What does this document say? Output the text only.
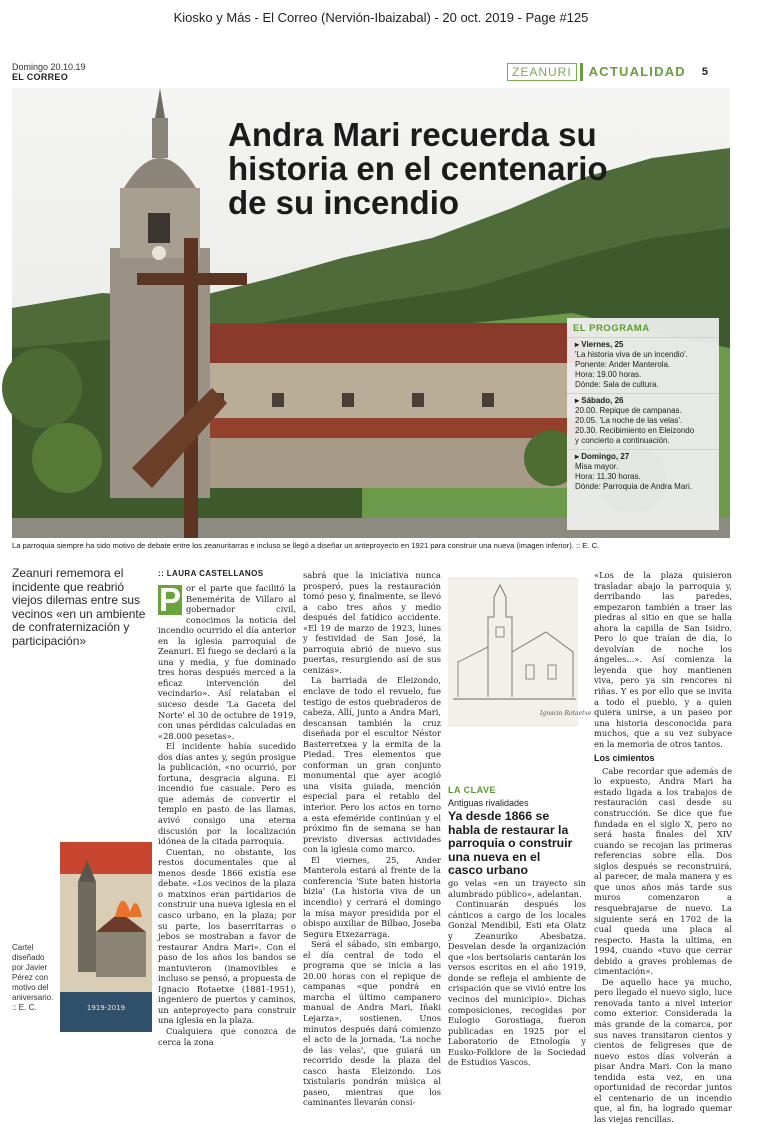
Kiosko y Más - El Correo (Nervión-Ibaizabal) - 20 oct. 2019 - Page #125
Domingo 20.10.19
EL CORREO	ZEANURI	ACTUALIDAD	5
Andra Mari recuerda su historia en el centenario de su incendio
EL PROGRAMA
▸ Viernes, 25
'La historia viva de un incendio'.
Ponente: Ander Manterola.
Hora: 19.00 horas.
Dónde: Sala de cultura.
▸ Sábado, 26
20.00. Repique de campanas.
20.05. 'La noche de las velas'.
20.30. Recibimiento en Eleizondo
y concierto a continuación.
▸ Domingo, 27
Misa mayor.
Hora: 11.30 horas.
Dónde: Parroquia de Andra Mari.
La parroquia siempre ha sido motivo de debate entre los zeanuritarras e incluso se llegó a diseñar un anteproyecto en 1921 para construir una nueva (imagen inferior). :: E. C.
Zeanuri rememora el incidente que reabrió viejos dilemas entre sus vecinos «en un ambiente de confraternización y participación»
1919-2019
Cartel diseñado por Javier Pérez con motivo del aniversario. :: E. C.
:: LAURA CASTELLANOS

P or el parte que facilitó la Benemérita de Villaro al gobernador civil, conocimos la noticia del incendio ocurrido el día anterior en la iglesia parroquial de Zeanuri. El fuego se declaró a la una y media, y fue dominado tres horas después merced a la eficaz intervención del vecindario». Así relataban el suceso desde 'La Gaceta del Norte' el 30 de octubre de 1919, con unas pérdidas calculadas en «28.000 pesetas».

El incidente había sucedido dos días antes y, según prosigue la publicación, «no ocurrió, por fortuna, desgracia alguna. El incendio fue casuale. Pero es que además de convertir el templo en pasto de las llamas, avivó consigo una eterna discusión por la localización idónea de la citada parroquia.

Cuentan, no obstante, los restos documentales que al menos desde 1866 existía ese debate. «Los vecinos de la plaza o matxinos eran partidarios de construir una nueva iglesia en el casco urbano, en la plaza; por su parte, los baserritarras o jebos se mostraban a favor de restaurar Andra Mari». Con el paso de los años los bandos se mantuvieron (inamovibles e incluso se pensó, a propuesta de Ignacio Rotaetxe (1881-1951), ingeniero de puertos y caminos, un anteproyecto para construir una iglesia en la plaza.

Cualquiera que conozca de cerca la zona

sabrá que la iniciativa nunca prosperó, pues la restauración tomó peso y, finalmente, se llevó a cabo tres años y medio después del fatídico accidente. «El 19 de marzo de 1923, lunes y festividad de San José, la parroquia abrió de nuevo sus puertas, resurgiendo así de sus cenizas».

La barriada de Eleizondo, enclave de todo el revuelo, fue testigo de estos quebraderos de cabeza. Allí, junto a Andra Mari, descansan también la cruz diseñada por el escultor Néstor Basterretxea y la ermita de la Piedad. Tres elementos que conforman un gran conjunto monumental que ayer acogió una visita guiada, mención especial para el retablo del interior. Pero los actos en torno a esta efeméride continúan y el próximo fin de semana se han previsto diversas actividades con la iglesia como marco.

El viernes, 25, Ander Manterola estará al frente de la conferencia 'Sute baten historia bizia' (La historia viva de un incendio) y cerrará el domingo la misa mayor presidida por el obispo auxiliar de Bilbao, Joseba Segura Etxezarraga.

Será el sábado, sin embargo, el día central de todo el programa que se inicia a las 20.00 horas con el repique de campanas «que pondrá en marcha el último campanero manual de Andra Mari, Iñaki Lejarza», sostienen. Unos minutos después dará comienzo el acto de la jornada, 'La noche de las velas', que guiará un recorrido desde la plaza del casco hasta Eleizondo. Los txistularis pondrán música al paseo, mientras que los caminantes llevarán consi-

Ignacio Rotaetxe
LA CLAVE
Antiguas rivalidades
Ya desde 1866 se habla de restaurar la parroquia o construir una nueva en el casco urbano

go velas «en un trayecto sin alumbrado público», adelantan.

Continuarán después los cánticos a cargo de los locales Gonzal Mendibil, Esti eta Olatz y Zeanuriko Abesbatza. Desvelan desde la organización que «los bertsolaris cantarán los versos escritos en el año 1919, donde se refleja el ambiente de crispación que se vivió entre los vecinos del municipio». Dichas composiciones, recogidas por Eulogio Gorostiaga, fueron publicadas en 1925 por el Laboratorio de Etnología y Eusko-Folklore de la Sociedad de Estudios Vascos.

«Los de la plaza quisieron trasladar abajo la parroquia y, derribando las paredes, empezaron también a traer las piedras al sitio en que se halla ahora la capilla de San Isidro. Pero lo que traían de día, lo devolvían de noche los ángeles...». Así comienza la leyenda que hoy mantienen viva, pero ya sin rencores ni riñas. Y es por ello que se invita a todo el pueblo, y a quien quiera unirse, a un paseo por una historia desconocida para muchos, que a su vez subyace en la memoria de otros tantos.

Los cimientos

Cabe recordar que además de lo expuesto, Andra Mari ha estado ligada a los trabajos de restauración casi desde su construcción. Se dice que fue fundada en el siglo X, pero no será hasta finales del XIV cuando se recojan las primeras referencias sobre ella. Dos siglos después se reconstruirá, al parecer, de mala manera y es que unos años más tarde sus muros comenzaron a resquebrajarse de nuevo. La siguiente será en 1702 de la cual queda una placa al respecto. Hasta la ultima, en 1994, cuando «tuvo que cerrar debido a graves problemas de cimentación».

De aquello hace ya mucho, pero llegado el nuevo siglo, luce renovada tanto a nivel interior como exterior. Considerada la más grande de la comarca, por sus naves transitaron cientos y cientos de feligreses que de nuevo estos días volverán a pisar Andra Mari. Con la mano tendida esta vez, en una oportunidad de recordar juntos el centenario de un incendio que, al fin, ha logrado quemar las viejas rencillas.
